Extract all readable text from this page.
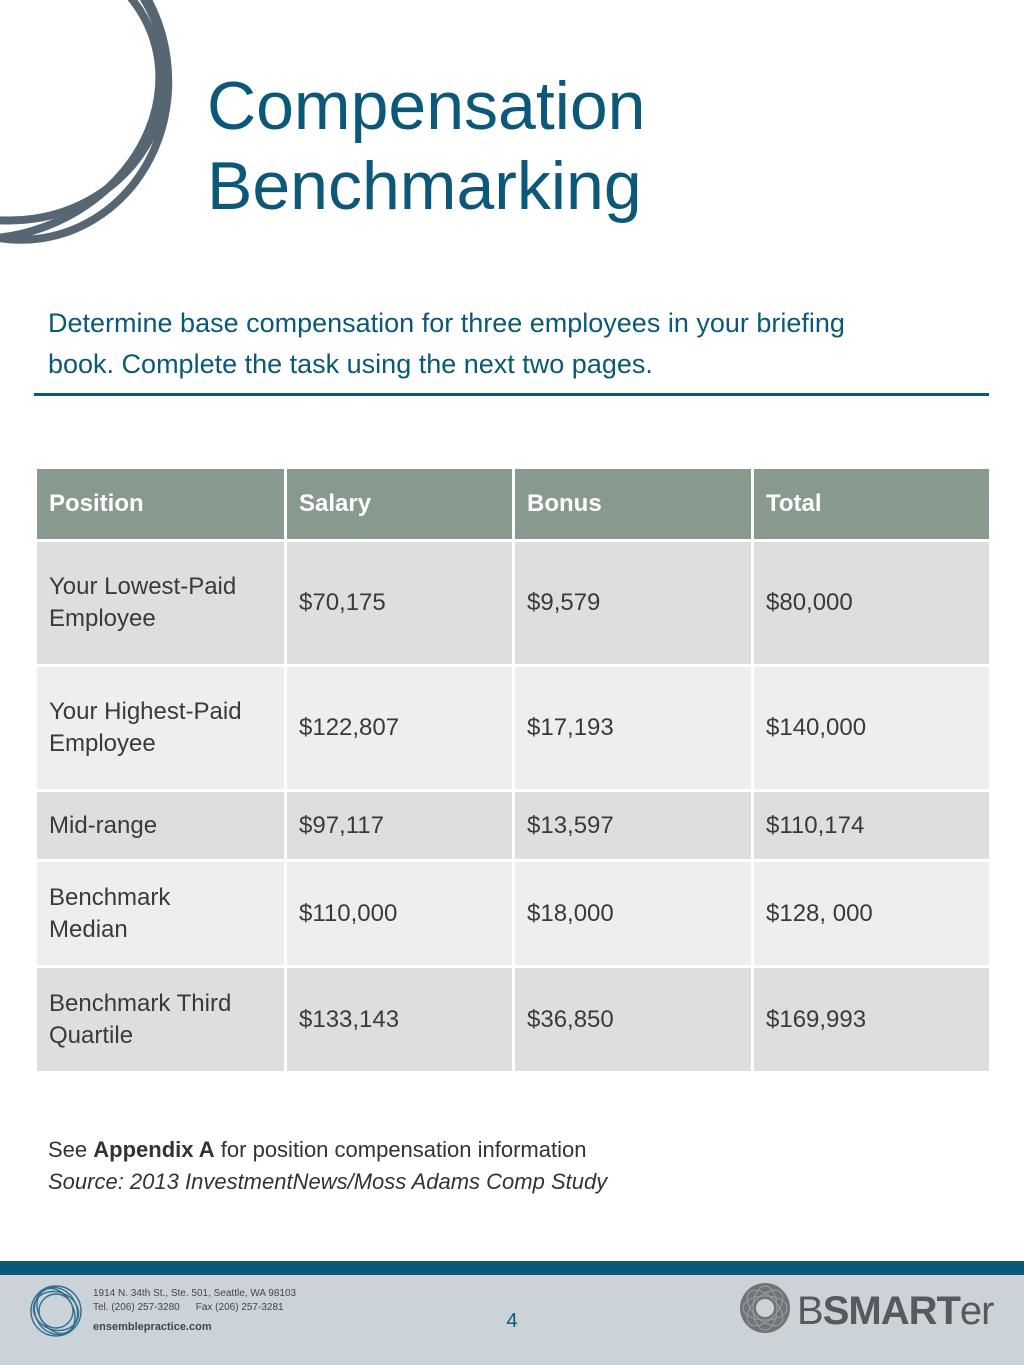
Compensation
Benchmarking

Determine base compensation for three employees in your briefing
book. Complete the task using the next two pages.

Position	Salary	Bonus	Total
Your Lowest-Paid
Employee	$70,175	$9,579	$80,000
Your Highest-Paid
Employee	$122,807	$17,193	$140,000
Mid-range	$97,117	$13,597	$110,174
Benchmark
Median	$110,000	$18,000	$128, 000
Benchmark Third
Quartile	$133,143	$36,850	$169,993

See Appendix A for position compensation information
Source: 2013 InvestmentNews/Moss Adams Comp Study

1914 N. 34th St., Ste. 501, Seattle, WA 98103
Tel. (206) 257-3280 Fax (206) 257-3281
ensemblepractice.com	4	BSMARTer
